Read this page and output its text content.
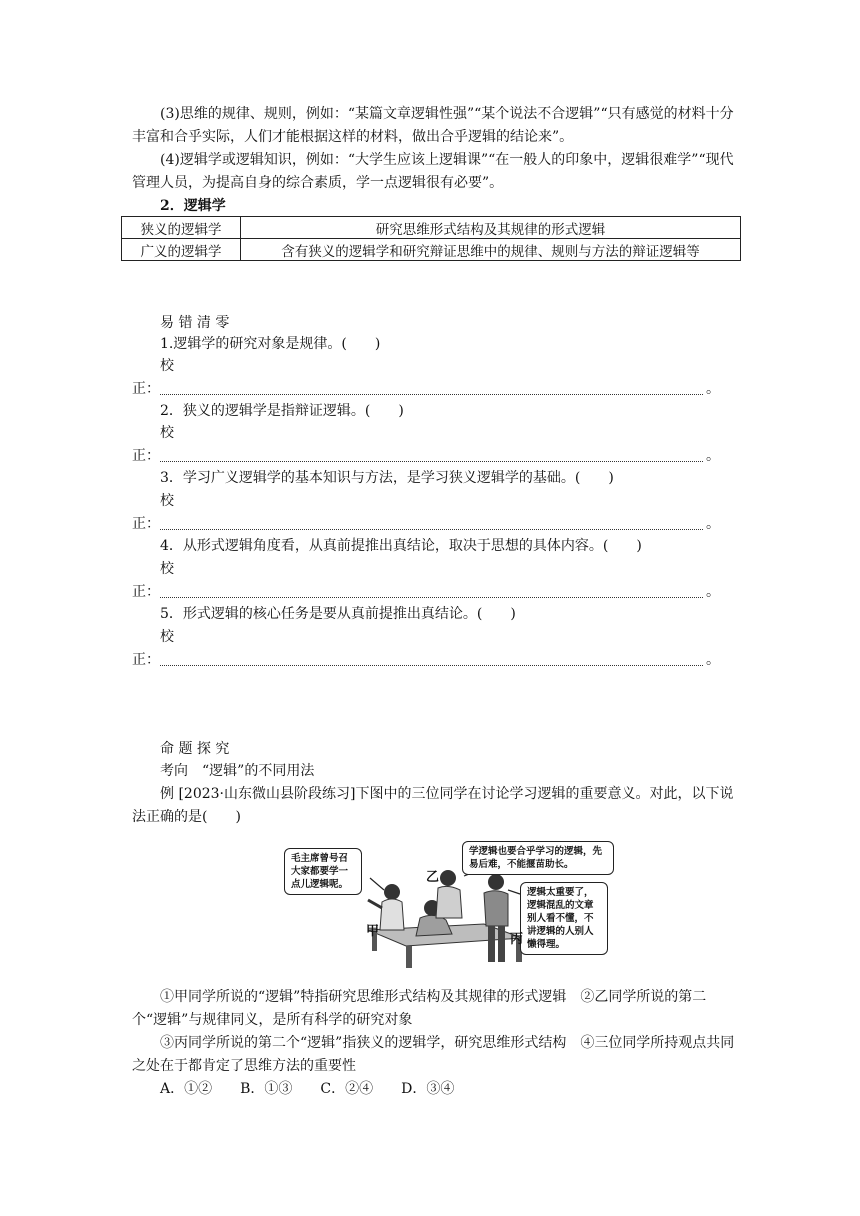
(3)思维的规律、规则，例如：“某篇文章逻辑性强”“某个说法不合逻辑”“只有感觉的材料十分丰富和合乎实际，人们才能根据这样的材料，做出合乎逻辑的结论来”。
(4)逻辑学或逻辑知识，例如：“大学生应该上逻辑课”“在一般人的印象中，逻辑很难学”“现代管理人员，为提高自身的综合素质，学一点逻辑很有必要”。
2．逻辑学
狭义的逻辑学	研究思维形式结构及其规律的形式逻辑
广义的逻辑学	含有狭义的逻辑学和研究辩证思维中的规律、规则与方法的辩证逻辑等
易 错 清 零
1.逻辑学的研究对象是规律。(　　)
校
正：	。
2．狭义的逻辑学是指辩证逻辑。(　　)
校
正：	。
3．学习广义逻辑学的基本知识与方法，是学习狭义逻辑学的基础。(　　)
校
正：	。
4．从形式逻辑角度看，从真前提推出真结论，取决于思想的具体内容。(　　)
校
正：	。
5．形式逻辑的核心任务是要从真前提推出真结论。(　　)
校
正：	。
命 题 探 究
考向　“逻辑”的不同用法
例 [2023·山东微山县阶段练习]下图中的三位同学在讨论学习逻辑的重要意义。对此，以下说法正确的是(　　)
毛主席曾号召大家都要学一点儿逻辑呢。
学逻辑也要合乎学习的逻辑，先易后难，不能揠苗助长。
逻辑太重要了，逻辑混乱的文章别人看不懂，不讲逻辑的人别人懒得理。
甲
乙
丙
①甲同学所说的“逻辑”特指研究思维形式结构及其规律的形式逻辑　②乙同学所说的第二个“逻辑”与规律同义，是所有科学的研究对象
③丙同学所说的第二个“逻辑”指狭义的逻辑学，研究思维形式结构　④三位同学所持观点共同之处在于都肯定了思维方法的重要性
A．①②　　B．①③　　C．②④　　D．③④
